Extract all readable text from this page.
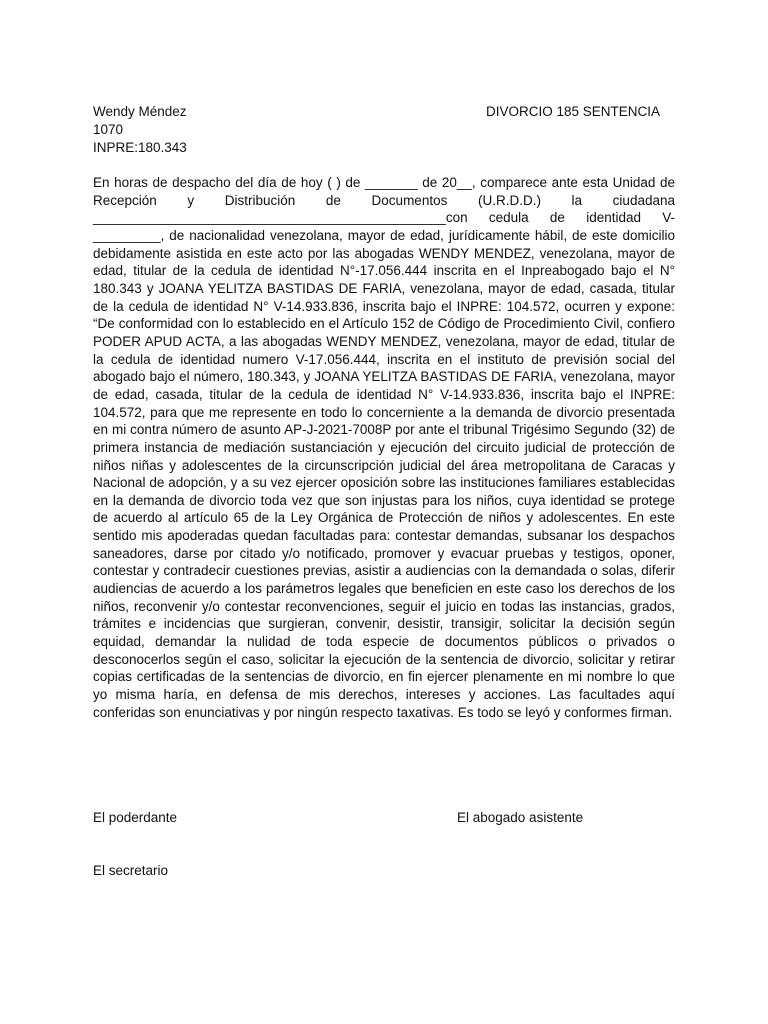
Wendy Méndez	DIVORCIO 185 SENTENCIA
1070
INPRE:180.343

En horas de despacho del día de hoy ( ) de _______ de 20__, comparece ante esta Unidad de Recepción y Distribución de Documentos (U.R.D.D.) la ciudadana _______________________________________________con cedula de identidad V-_________, de nacionalidad venezolana, mayor de edad, jurídicamente hábil, de este domicilio debidamente asistida en este acto por las abogadas WENDY MENDEZ, venezolana, mayor de edad, titular de la cedula de identidad N°-17.056.444 inscrita en el Inpreabogado bajo el N° 180.343 y JOANA YELITZA BASTIDAS DE FARIA, venezolana, mayor de edad, casada, titular de la cedula de identidad N° V-14.933.836, inscrita bajo el INPRE: 104.572, ocurren y expone: “De conformidad con lo establecido en el Artículo 152 de Código de Procedimiento Civil, confiero PODER APUD ACTA, a las abogadas WENDY MENDEZ, venezolana, mayor de edad, titular de la cedula de identidad numero V-17.056.444, inscrita en el instituto de previsión social del abogado bajo el número, 180.343, y JOANA YELITZA BASTIDAS DE FARIA, venezolana, mayor de edad, casada, titular de la cedula de identidad N° V-14.933.836, inscrita bajo el INPRE: 104.572, para que me represente en todo lo concerniente a la demanda de divorcio presentada en mi contra número de asunto AP-J-2021-7008P por ante el tribunal Trigésimo Segundo (32) de primera instancia de mediación sustanciación y ejecución del circuito judicial de protección de niños niñas y adolescentes de la circunscripción judicial del área metropolitana de Caracas y Nacional de adopción, y a su vez ejercer oposición sobre las instituciones familiares establecidas en la demanda de divorcio toda vez que son injustas para los niños, cuya identidad se protege de acuerdo al artículo 65 de la Ley Orgánica de Protección de niños y adolescentes. En este sentido mis apoderadas quedan facultadas para: contestar demandas, subsanar los despachos saneadores, darse por citado y/o notificado, promover y evacuar pruebas y testigos, oponer, contestar y contradecir cuestiones previas, asistir a audiencias con la demandada o solas, diferir audiencias de acuerdo a los parámetros legales que beneficien en este caso los derechos de los niños, reconvenir y/o contestar reconvenciones, seguir el juicio en todas las instancias, grados, trámites e incidencias que surgieran, convenir, desistir, transigir, solicitar la decisión según equidad, demandar la nulidad de toda especie de documentos públicos o privados o desconocerlos según el caso, solicitar la ejecución de la sentencia de divorcio, solicitar y retirar copias certificadas de la sentencias de divorcio, en fin ejercer plenamente en mi nombre lo que yo misma haría, en defensa de mis derechos, intereses y acciones. Las facultades aquí conferidas son enunciativas y por ningún respecto taxativas. Es todo se leyó y conformes firman.

El poderdante	El abogado asistente
El secretario
